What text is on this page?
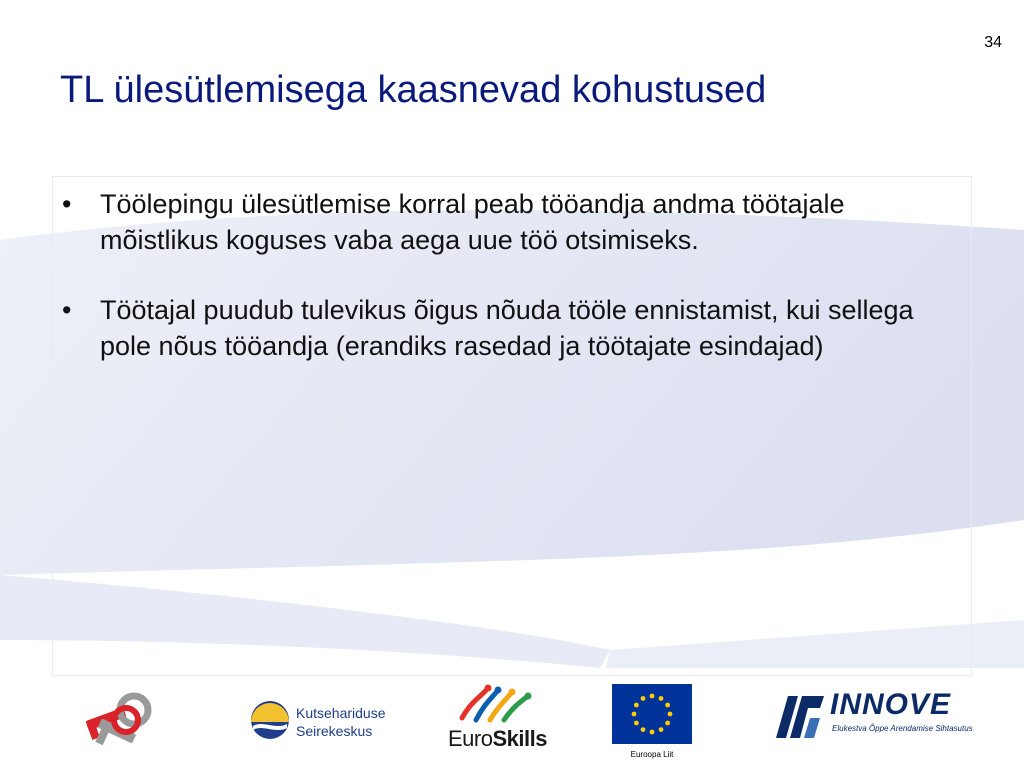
34
TL ülesütlemisega kaasnevad kohustused
• Töölepingu ülesütlemise korral peab tööandja andma töötajale mõistlikus koguses vaba aega uue töö otsimiseks.
• Töötajal puudub tulevikus õigus nõuda tööle ennistamist, kui sellega pole nõus tööandja (erandiks rasedad ja töötajate esindajad)
Kutsehariduse
Seirekeskus	EuroSkills
Euroopa Liit
INNOVE
Elukestva Õppe Arendamise Sihtasutus
